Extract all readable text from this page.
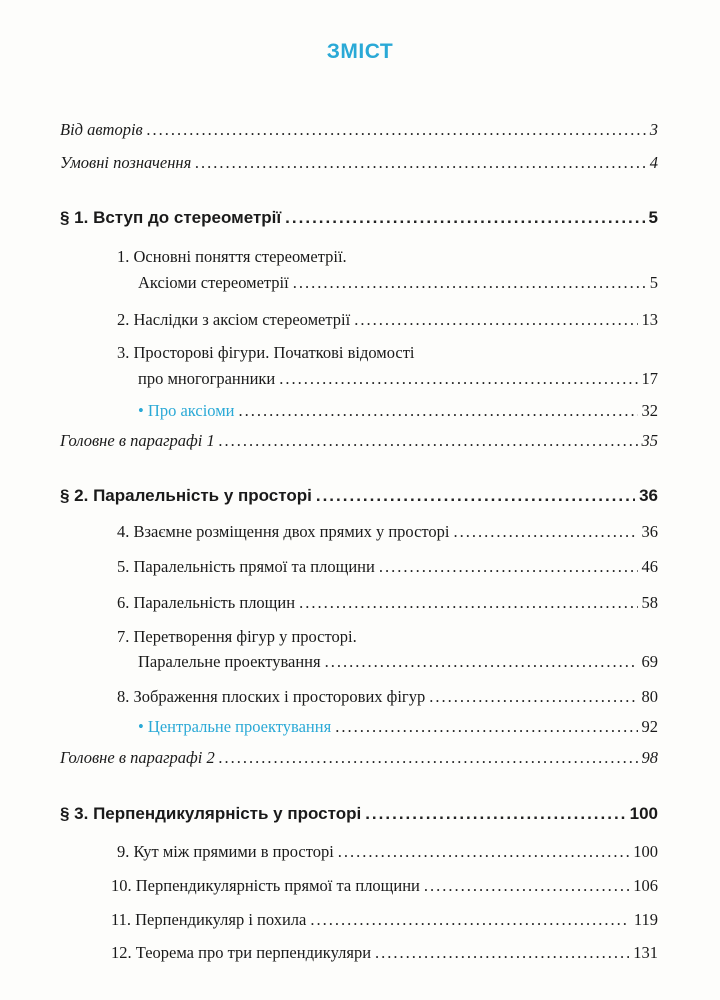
ЗМІСТ
Від авторів .....	3
Умовні позначення .....	4
§ 1. Вступ до стереометрії .....	5
1. Основні поняття стереометрії.
Аксіоми стереометрії .....	5
2. Наслідки з аксіом стереометрії .....	13
3. Просторові фігури. Початкові відомості
про многогранники .....	17
• Про аксіоми .....	32
Головне в параграфі 1 .....	35
§ 2. Паралельність у просторі .....	36
4. Взаємне розміщення двох прямих у просторі .....	36
5. Паралельність прямої та площини .....	46
6. Паралельність площин .....	58
7. Перетворення фігур у просторі.
Паралельне проектування .....	69
8. Зображення плоских і просторових фігур .....	80
• Центральне проектування .....	92
Головне в параграфі 2 .....	98
§ 3. Перпендикулярність у просторі .....	100
9. Кут між прямими в просторі .....	100
10. Перпендикулярність прямої та площини .....	106
11. Перпендикуляр і похила .....	119
12. Теорема про три перпендикуляри .....	131
